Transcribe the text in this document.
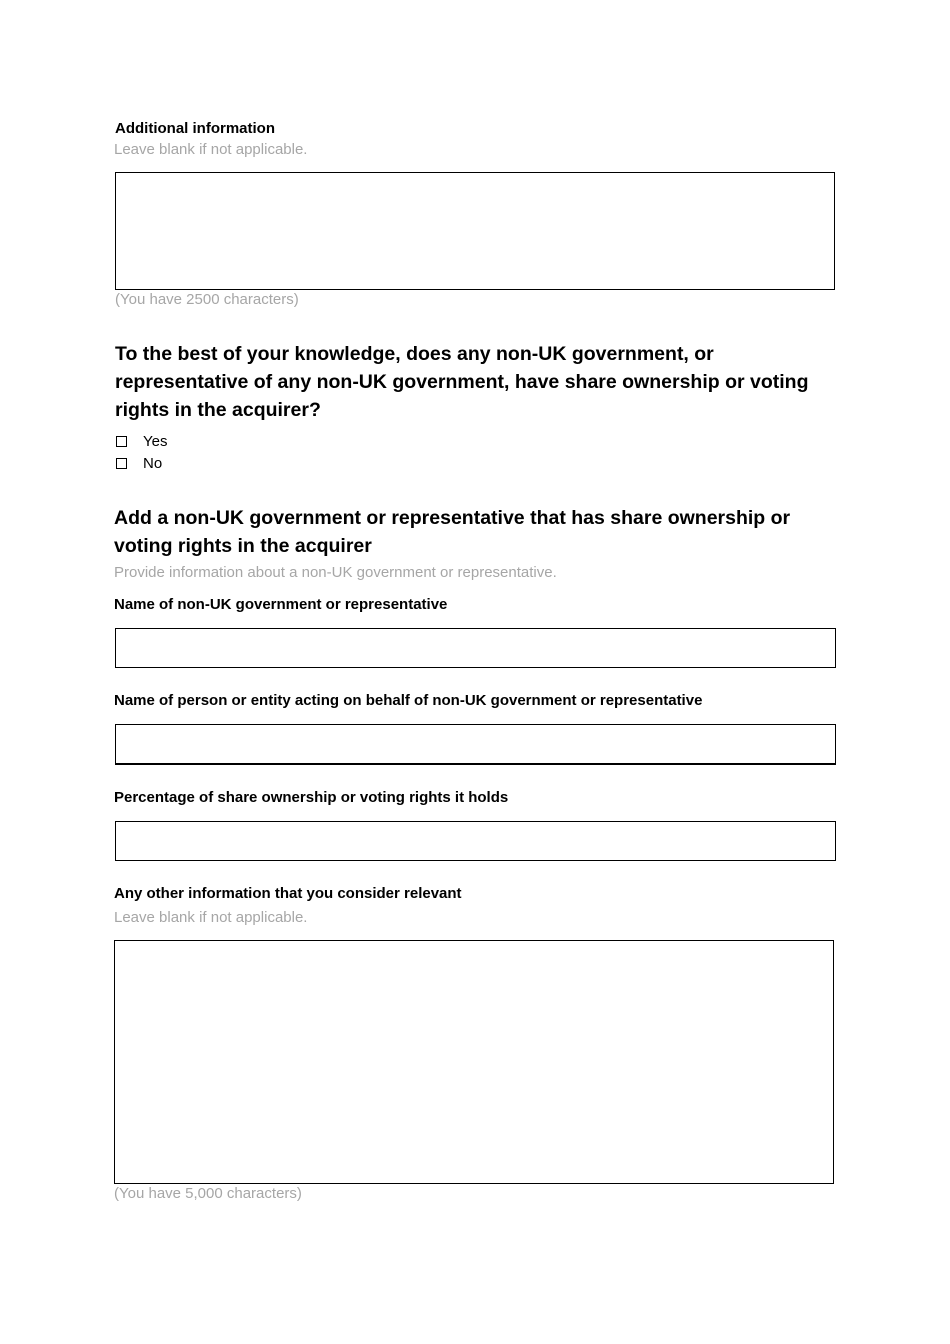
Additional information
Leave blank if not applicable.
(You have 2500 characters)
To the best of your knowledge, does any non-UK government, or representative of any non-UK government, have share ownership or voting rights in the acquirer?
Yes
No
Add a non-UK government or representative that has share ownership or voting rights in the acquirer
Provide information about a non-UK government or representative.
Name of non-UK government or representative
Name of person or entity acting on behalf of non-UK government or representative
Percentage of share ownership or voting rights it holds
Any other information that you consider relevant
Leave blank if not applicable.
(You have 5,000 characters)
